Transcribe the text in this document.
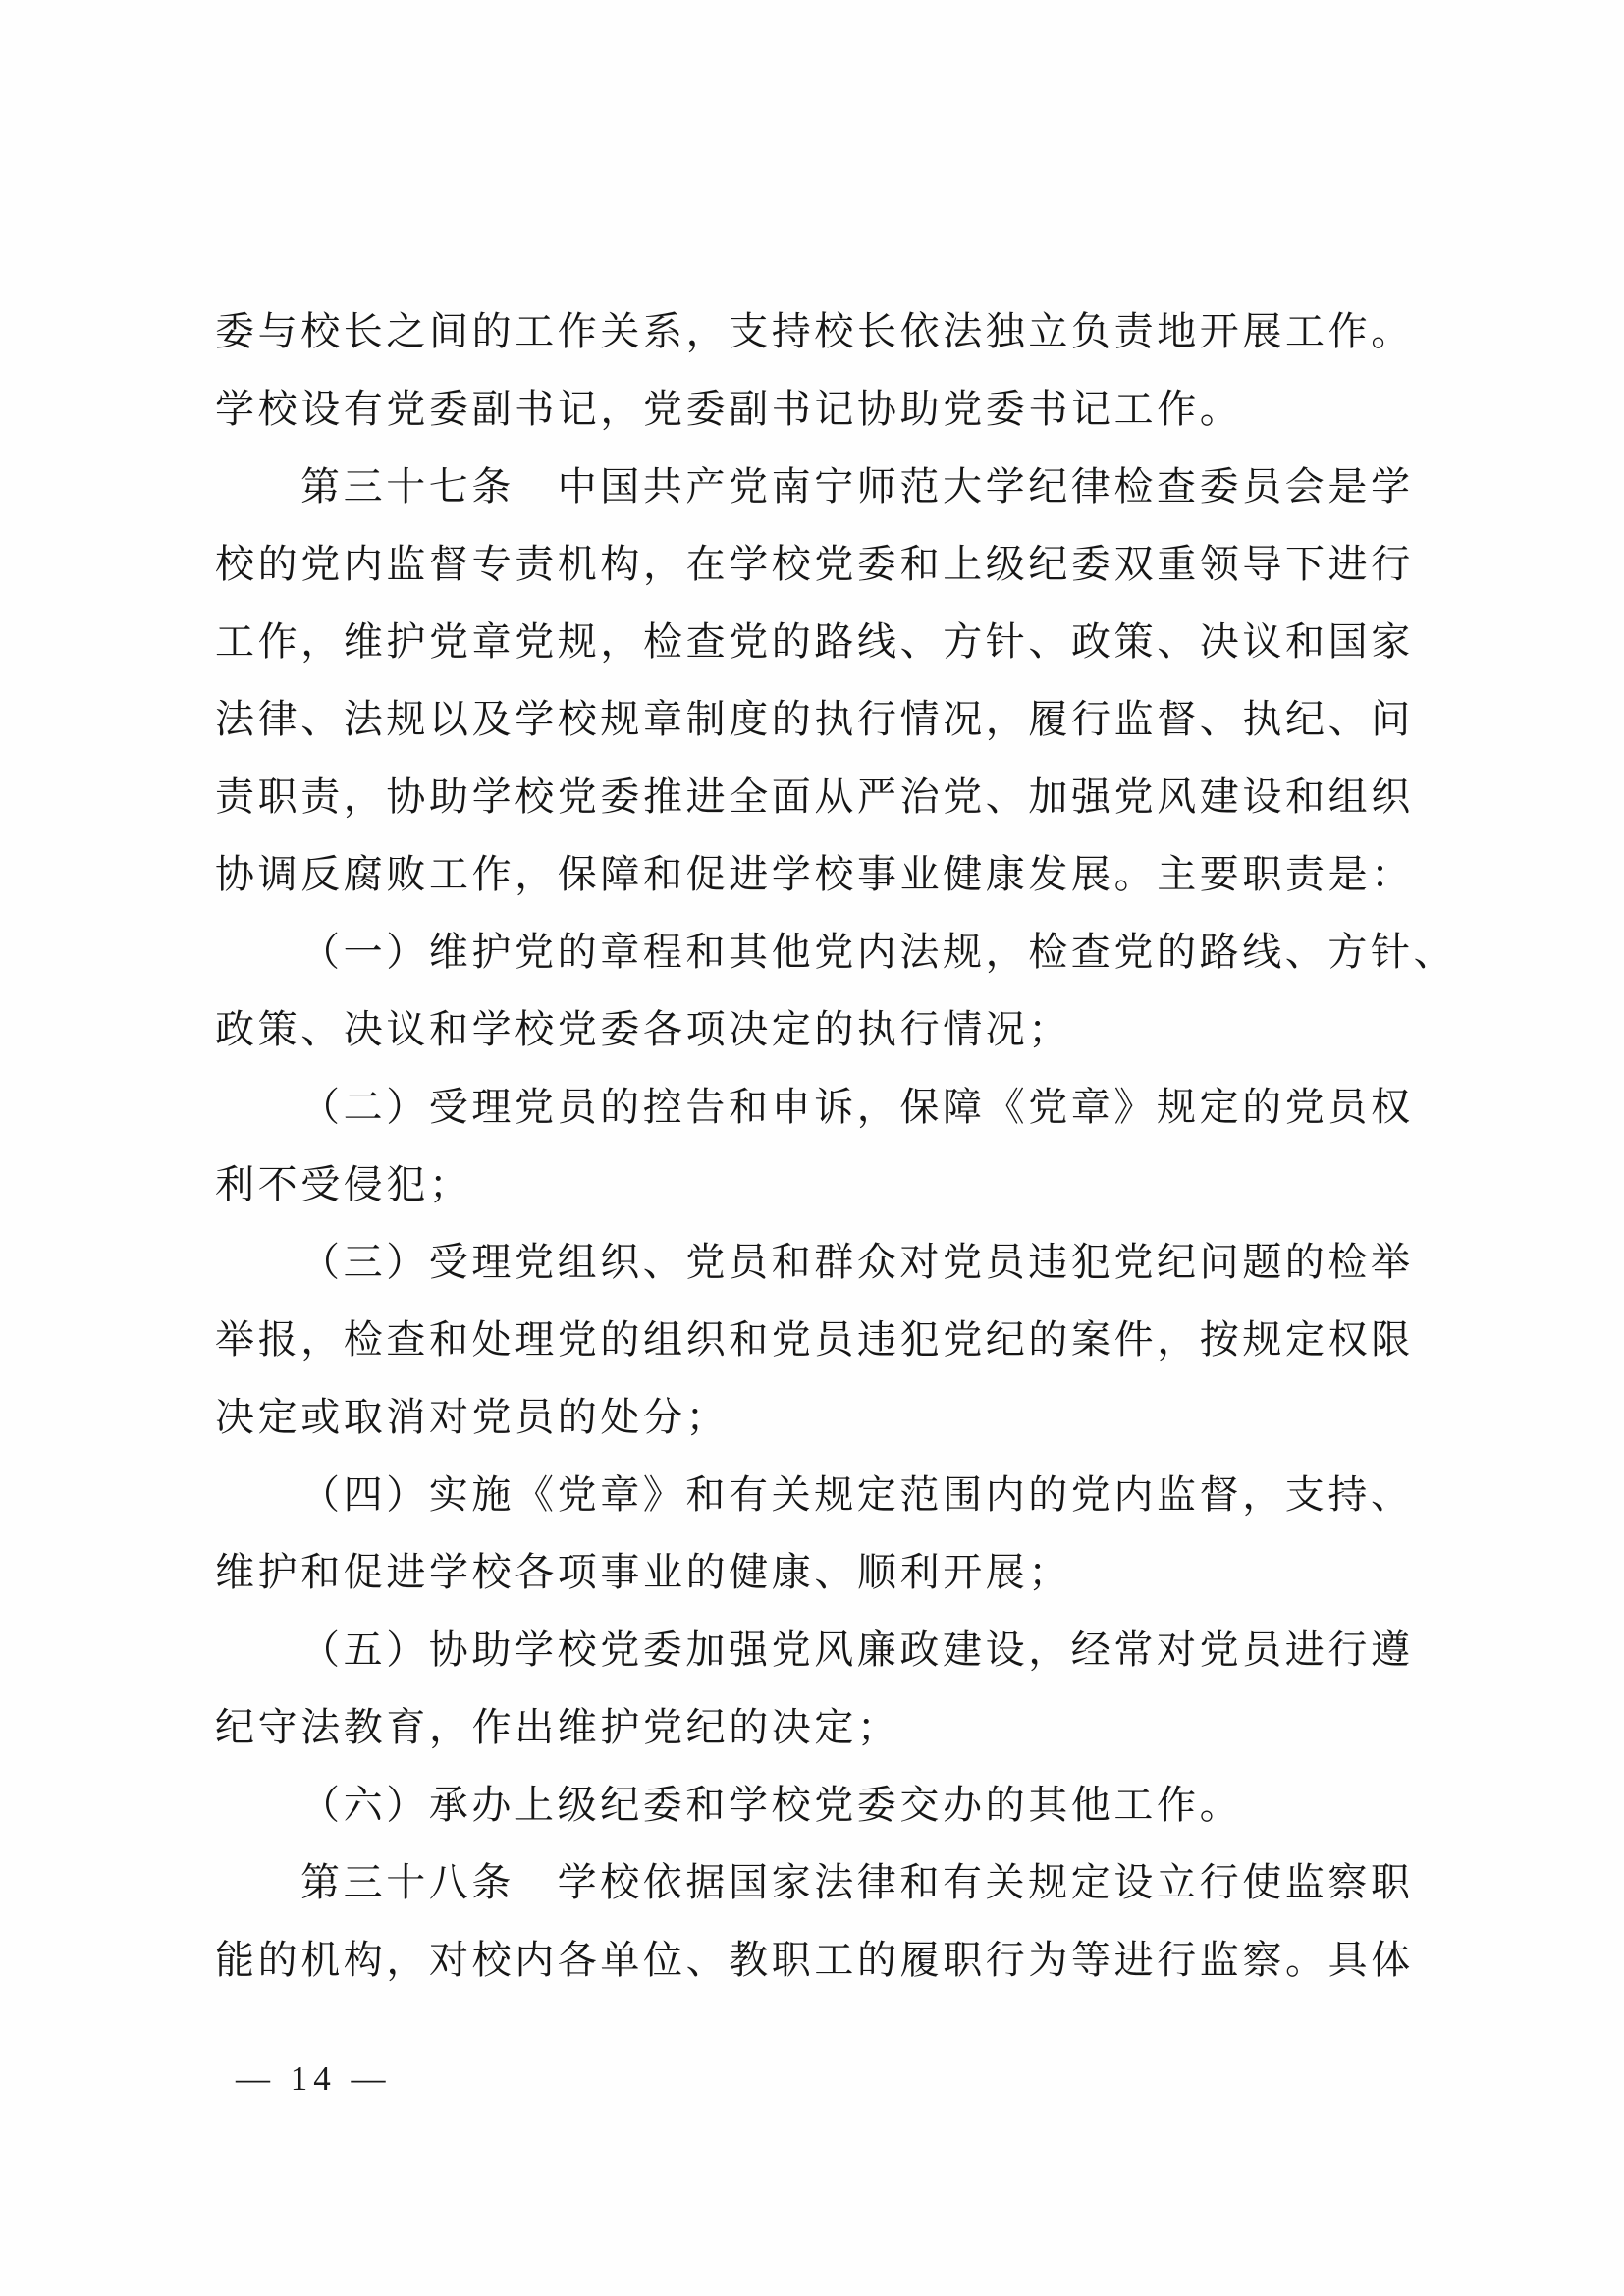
委与校长之间的工作关系，支持校长依法独立负责地开展工作。
学校设有党委副书记，党委副书记协助党委书记工作。
第三十七条　中国共产党南宁师范大学纪律检查委员会是学
校的党内监督专责机构，在学校党委和上级纪委双重领导下进行
工作，维护党章党规，检查党的路线、方针、政策、决议和国家
法律、法规以及学校规章制度的执行情况，履行监督、执纪、问
责职责，协助学校党委推进全面从严治党、加强党风建设和组织
协调反腐败工作，保障和促进学校事业健康发展。主要职责是：
（一）维护党的章程和其他党内法规，检查党的路线、方针、
政策、决议和学校党委各项决定的执行情况；
（二）受理党员的控告和申诉，保障《党章》规定的党员权
利不受侵犯；
（三）受理党组织、党员和群众对党员违犯党纪问题的检举
举报，检查和处理党的组织和党员违犯党纪的案件，按规定权限
决定或取消对党员的处分；
（四）实施《党章》和有关规定范围内的党内监督，支持、
维护和促进学校各项事业的健康、顺利开展；
（五）协助学校党委加强党风廉政建设，经常对党员进行遵
纪守法教育，作出维护党纪的决定；
（六）承办上级纪委和学校党委交办的其他工作。
第三十八条　学校依据国家法律和有关规定设立行使监察职
能的机构，对校内各单位、教职工的履职行为等进行监察。具体
— 14 —
